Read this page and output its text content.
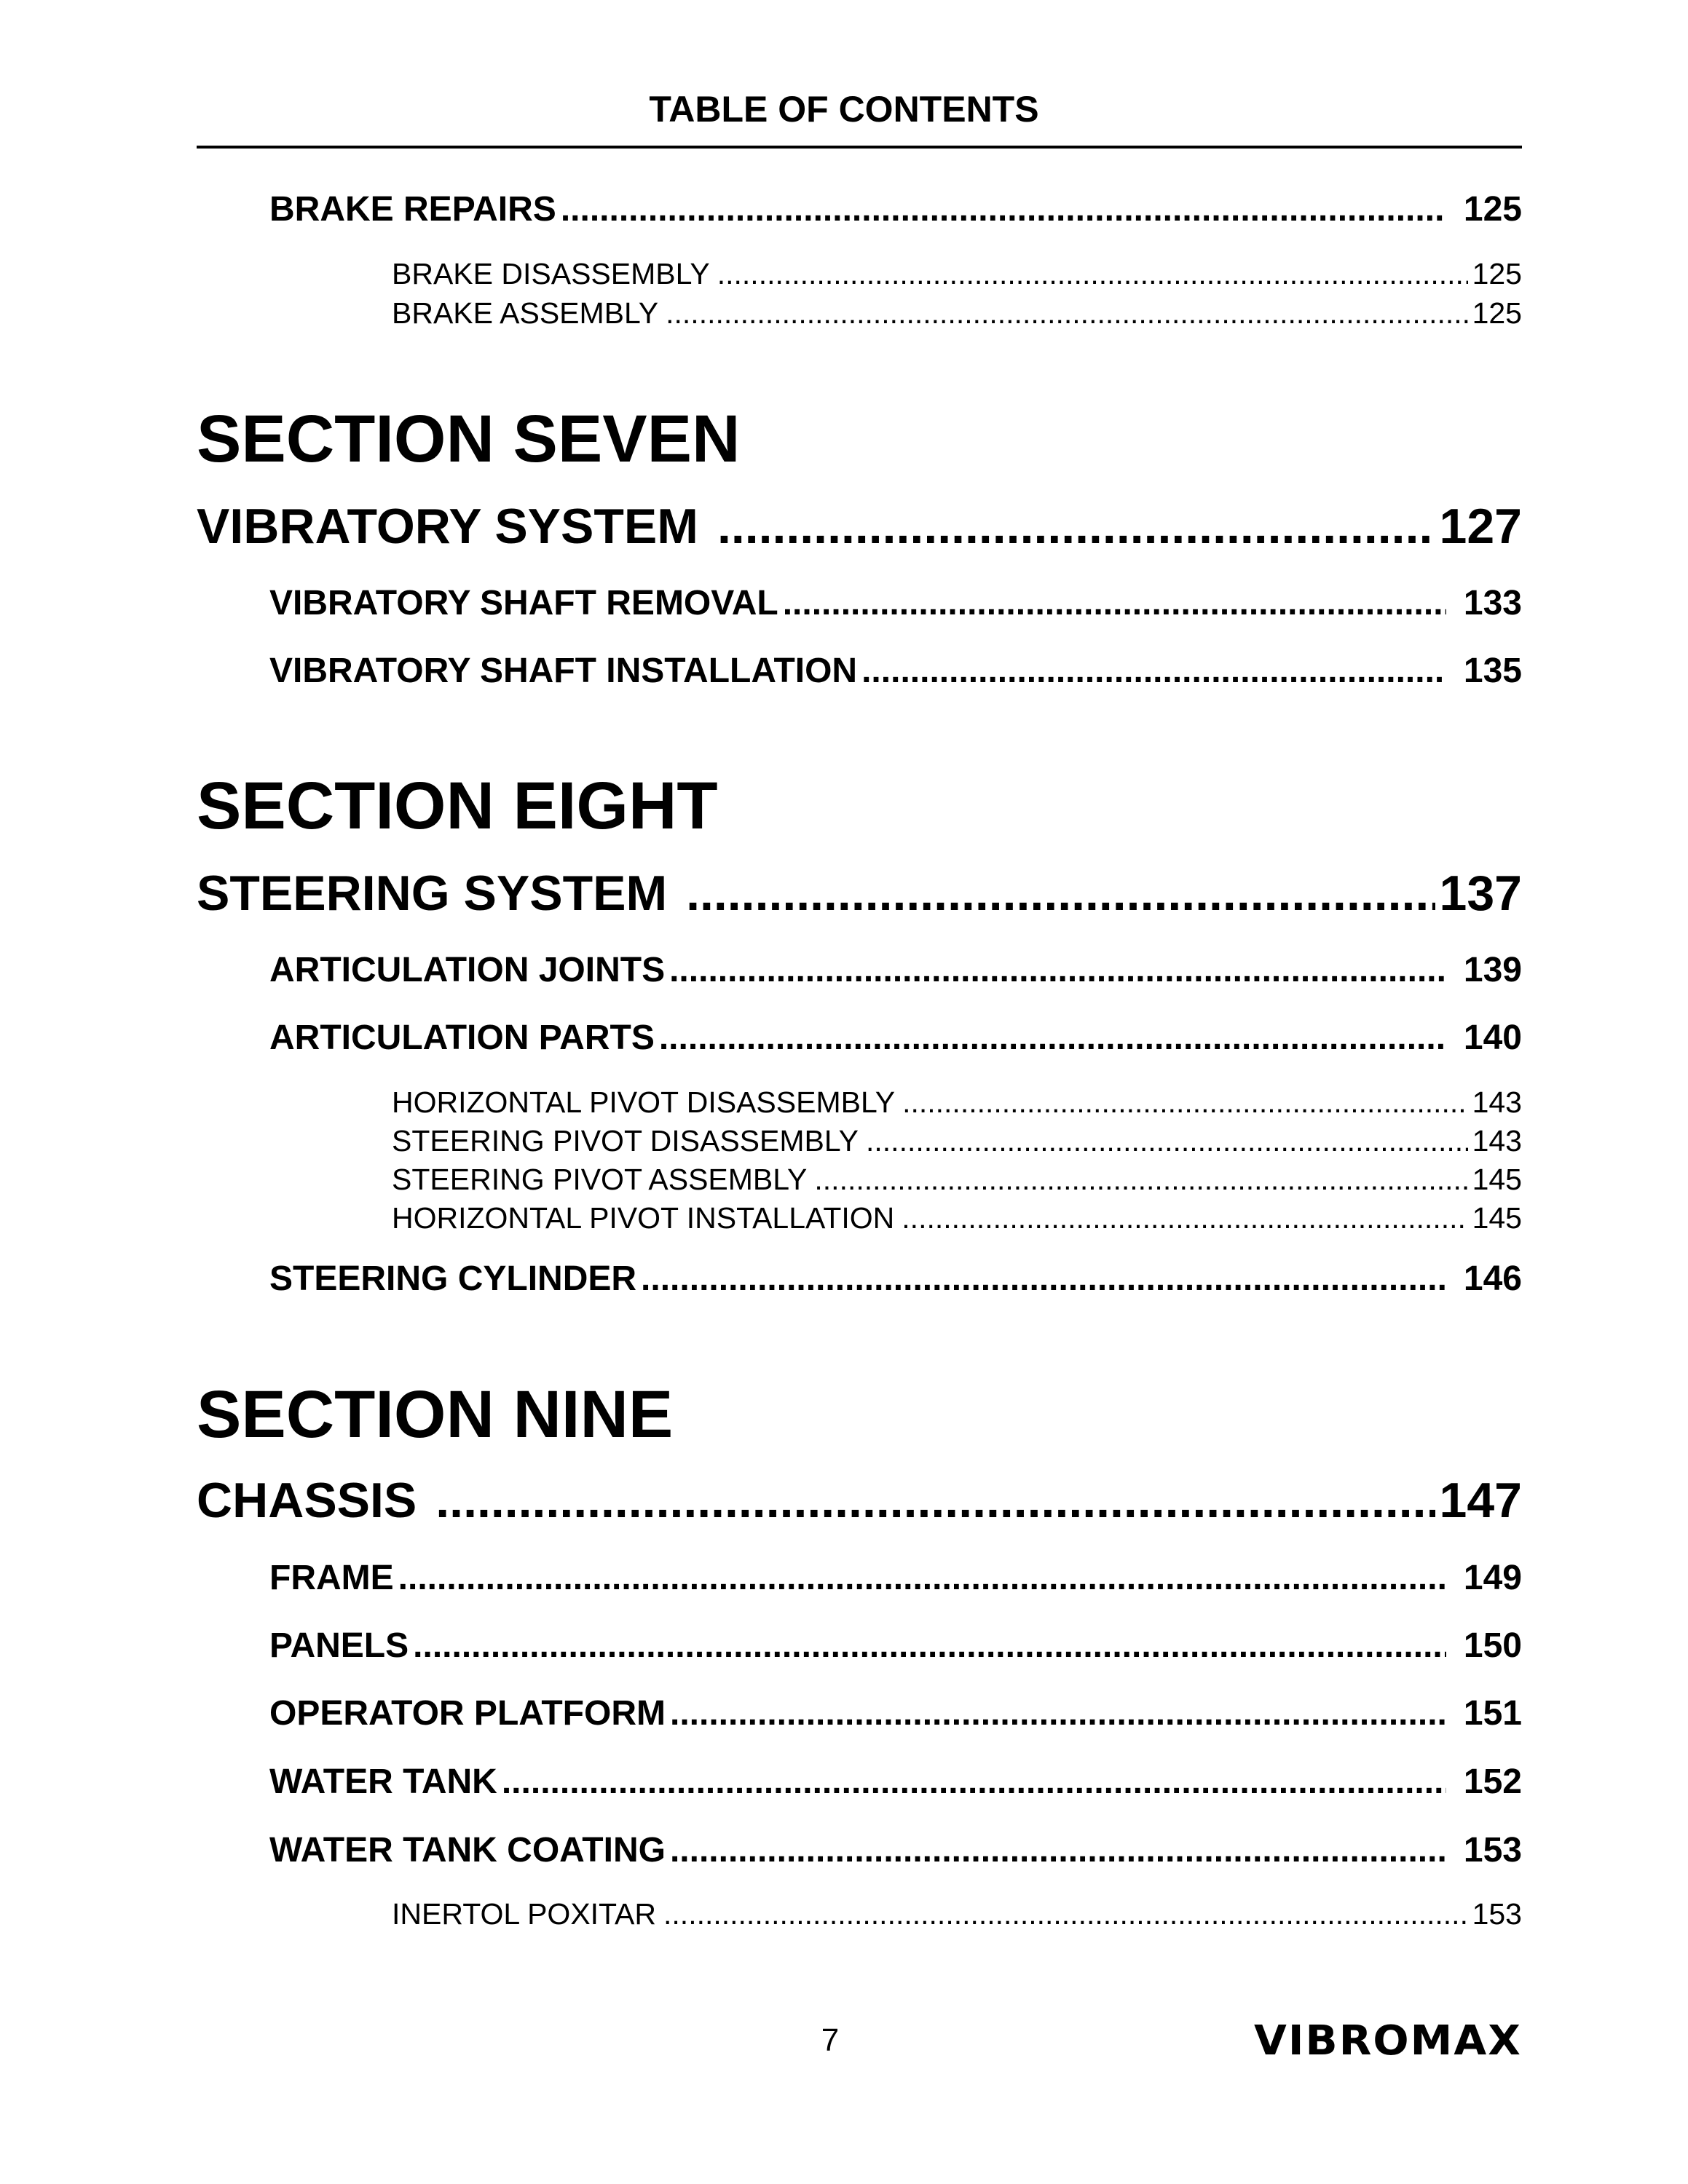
TABLE OF CONTENTS
BRAKE REPAIRS .....	125
BRAKE DISASSEMBLY .....	125
BRAKE ASSEMBLY .....	125
SECTION SEVEN
VIBRATORY SYSTEM .....	127
VIBRATORY SHAFT REMOVAL .....	133
VIBRATORY SHAFT INSTALLATION .....	135
SECTION EIGHT
STEERING SYSTEM .....	137
ARTICULATION JOINTS .....	139
ARTICULATION PARTS .....	140
HORIZONTAL PIVOT DISASSEMBLY .....	143
STEERING PIVOT DISASSEMBLY .....	143
STEERING PIVOT ASSEMBLY .....	145
HORIZONTAL PIVOT INSTALLATION .....	145
STEERING CYLINDER .....	146
SECTION NINE
CHASSIS .....	147
FRAME .....	149
PANELS .....	150
OPERATOR PLATFORM .....	151
WATER TANK .....	152
WATER TANK COATING .....	153
INERTOL POXITAR .....	153
7	VIBROMAX
